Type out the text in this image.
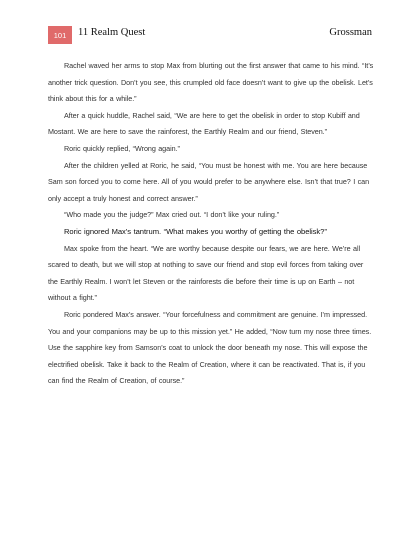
101	11 Realm Quest	Grossman

Rachel waved her arms to stop Max from blurting out the first answer that came to his mind. “It’s another trick question. Don’t you see, this crumpled old face doesn’t want to give up the obelisk. Let’s think about this for a while.”

After a quick huddle, Rachel said, “We are here to get the obelisk in order to stop Kubiff and Mostant. We are here to save the rainforest, the Earthly Realm and our friend, Steven.”

Roric quickly replied, “Wrong again.”

After the children yelled at Roric, he said, “You must be honest with me. You are here because Sam son forced you to come here. All of you would prefer to be anywhere else. Isn’t that true? I can only accept a truly honest and correct answer.”

“Who made you the judge?” Max cried out. “I don’t like your ruling.”

Roric ignored Max’s tantrum. “What makes you worthy of getting the obelisk?”

Max spoke from the heart. “We are worthy because despite our fears, we are here. We’re all scared to death, but we will stop at nothing to save our friend and stop evil forces from taking over the Earthly Realm. I won’t let Steven or the rainforests die before their time is up on Earth – not without a fight.”

Roric pondered Max’s answer. “Your forcefulness and commitment are genuine. I’m impressed. You and your companions may be up to this mission yet.” He added, “Now turn my nose three times. Use the sapphire key from Samson’s coat to unlock the door beneath my nose. This will expose the electrified obelisk. Take it back to the Realm of Creation, where it can be reactivated. That is, if you can find the Realm of Creation, of course.”
